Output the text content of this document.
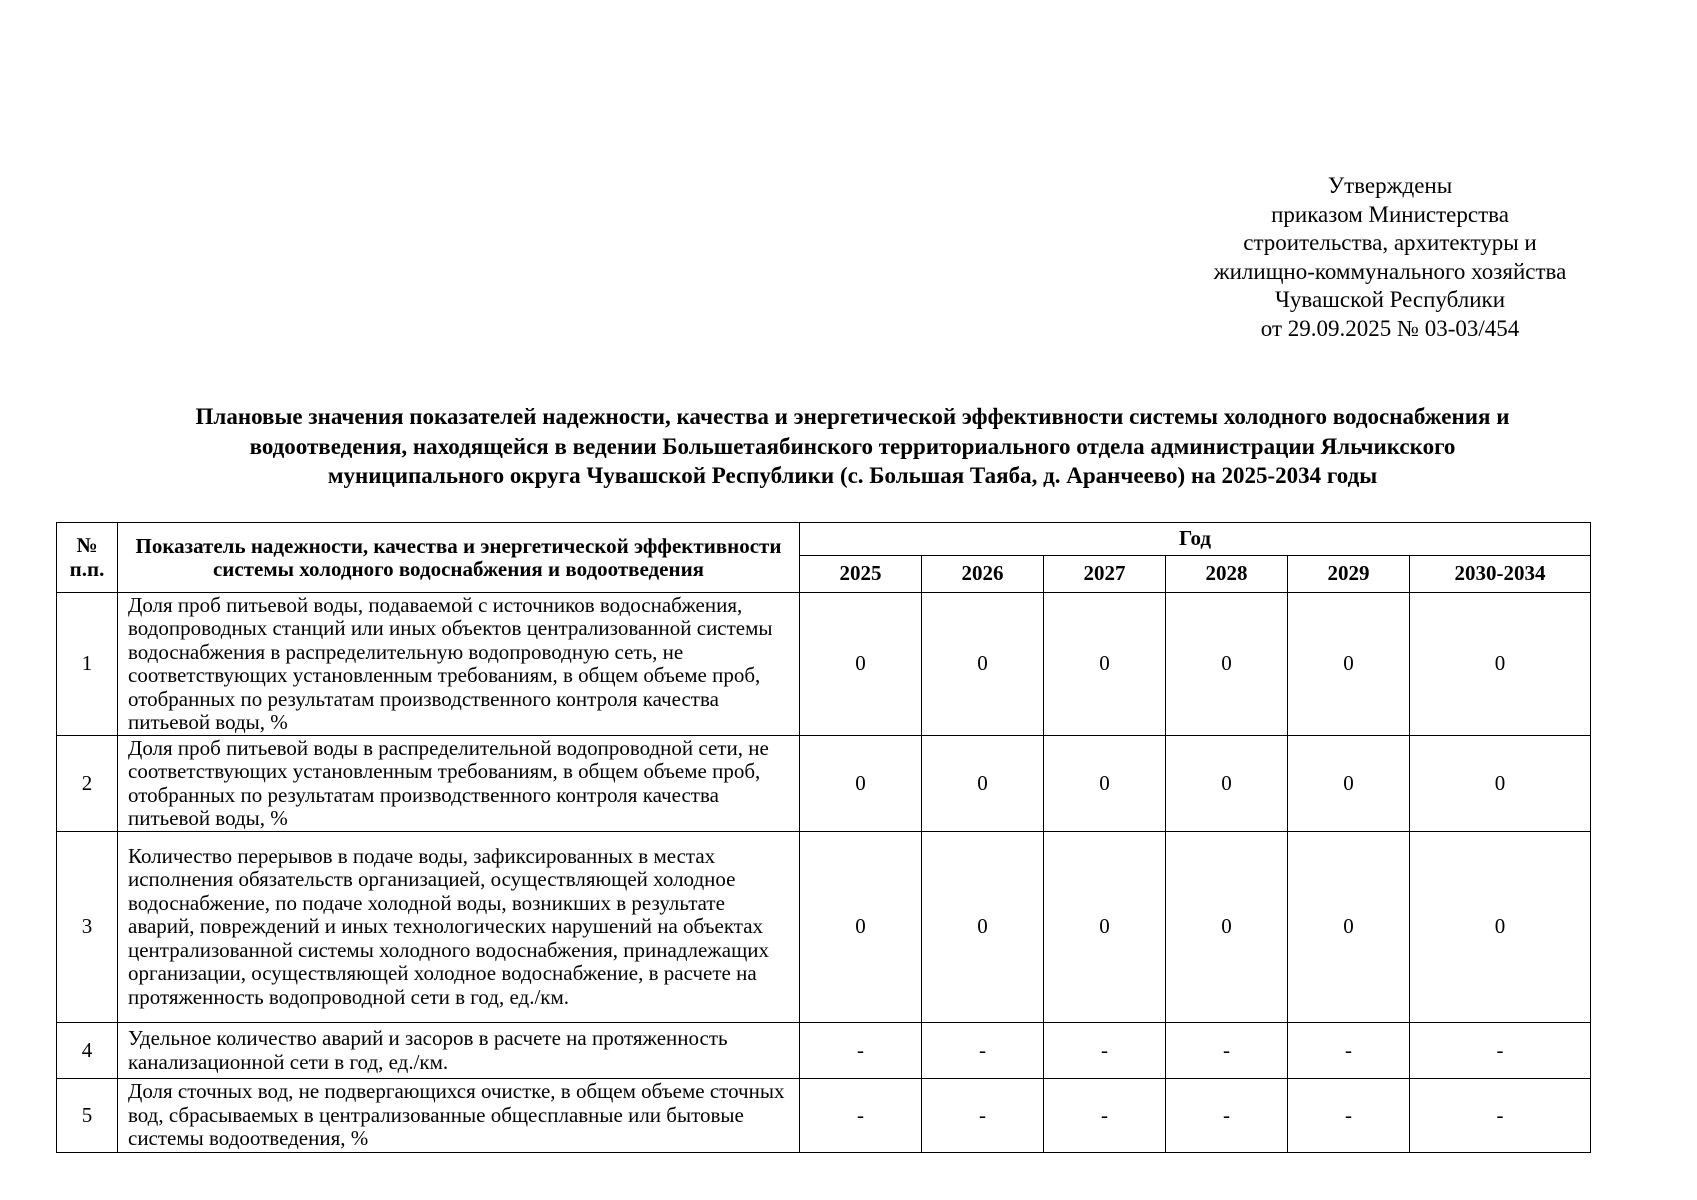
Утверждены
приказом Министерства
строительства, архитектуры и
жилищно-коммунального хозяйства
Чувашской Республики
от 29.09.2025 № 03-03/454
Плановые значения показателей надежности, качества и энергетической эффективности системы холодного водоснабжения и
водоотведения, находящейся в ведении Большетаябинского территориального отдела администрации Яльчикского
муниципального округа Чувашской Республики (с. Большая Таяба, д. Аранчеево) на 2025-2034 годы
№ п.п.	Показатель надежности, качества и энергетической эффективности системы холодного водоснабжения и водоотведения	Год					
		2025	2026	2027	2028	2029	2030-2034
1	Доля проб питьевой воды, подаваемой с источников водоснабжения, водопроводных станций или иных объектов централизованной системы водоснабжения в распределительную водопроводную сеть, не соответствующих установленным требованиям, в общем объеме проб, отобранных по результатам производственного контроля качества питьевой воды, %	0	0	0	0	0	0
2	Доля проб питьевой воды в распределительной водопроводной сети, не соответствующих установленным требованиям, в общем объеме проб, отобранных по результатам производственного контроля качества питьевой воды, %	0	0	0	0	0	0
3	Количество перерывов в подаче воды, зафиксированных в местах исполнения обязательств организацией, осуществляющей холодное водоснабжение, по подаче холодной воды, возникших в результате аварий, повреждений и иных технологических нарушений на объектах централизованной системы холодного водоснабжения, принадлежащих организации, осуществляющей холодное водоснабжение, в расчете на протяженность водопроводной сети в год, ед./км.	0	0	0	0	0	0
4	Удельное количество аварий и засоров в расчете на протяженность канализационной сети в год, ед./км.	-	-	-	-	-	-
5	Доля сточных вод, не подвергающихся очистке, в общем объеме сточных вод, сбрасываемых в централизованные общесплавные или бытовые системы водоотведения, %	-	-	-	-	-	-
